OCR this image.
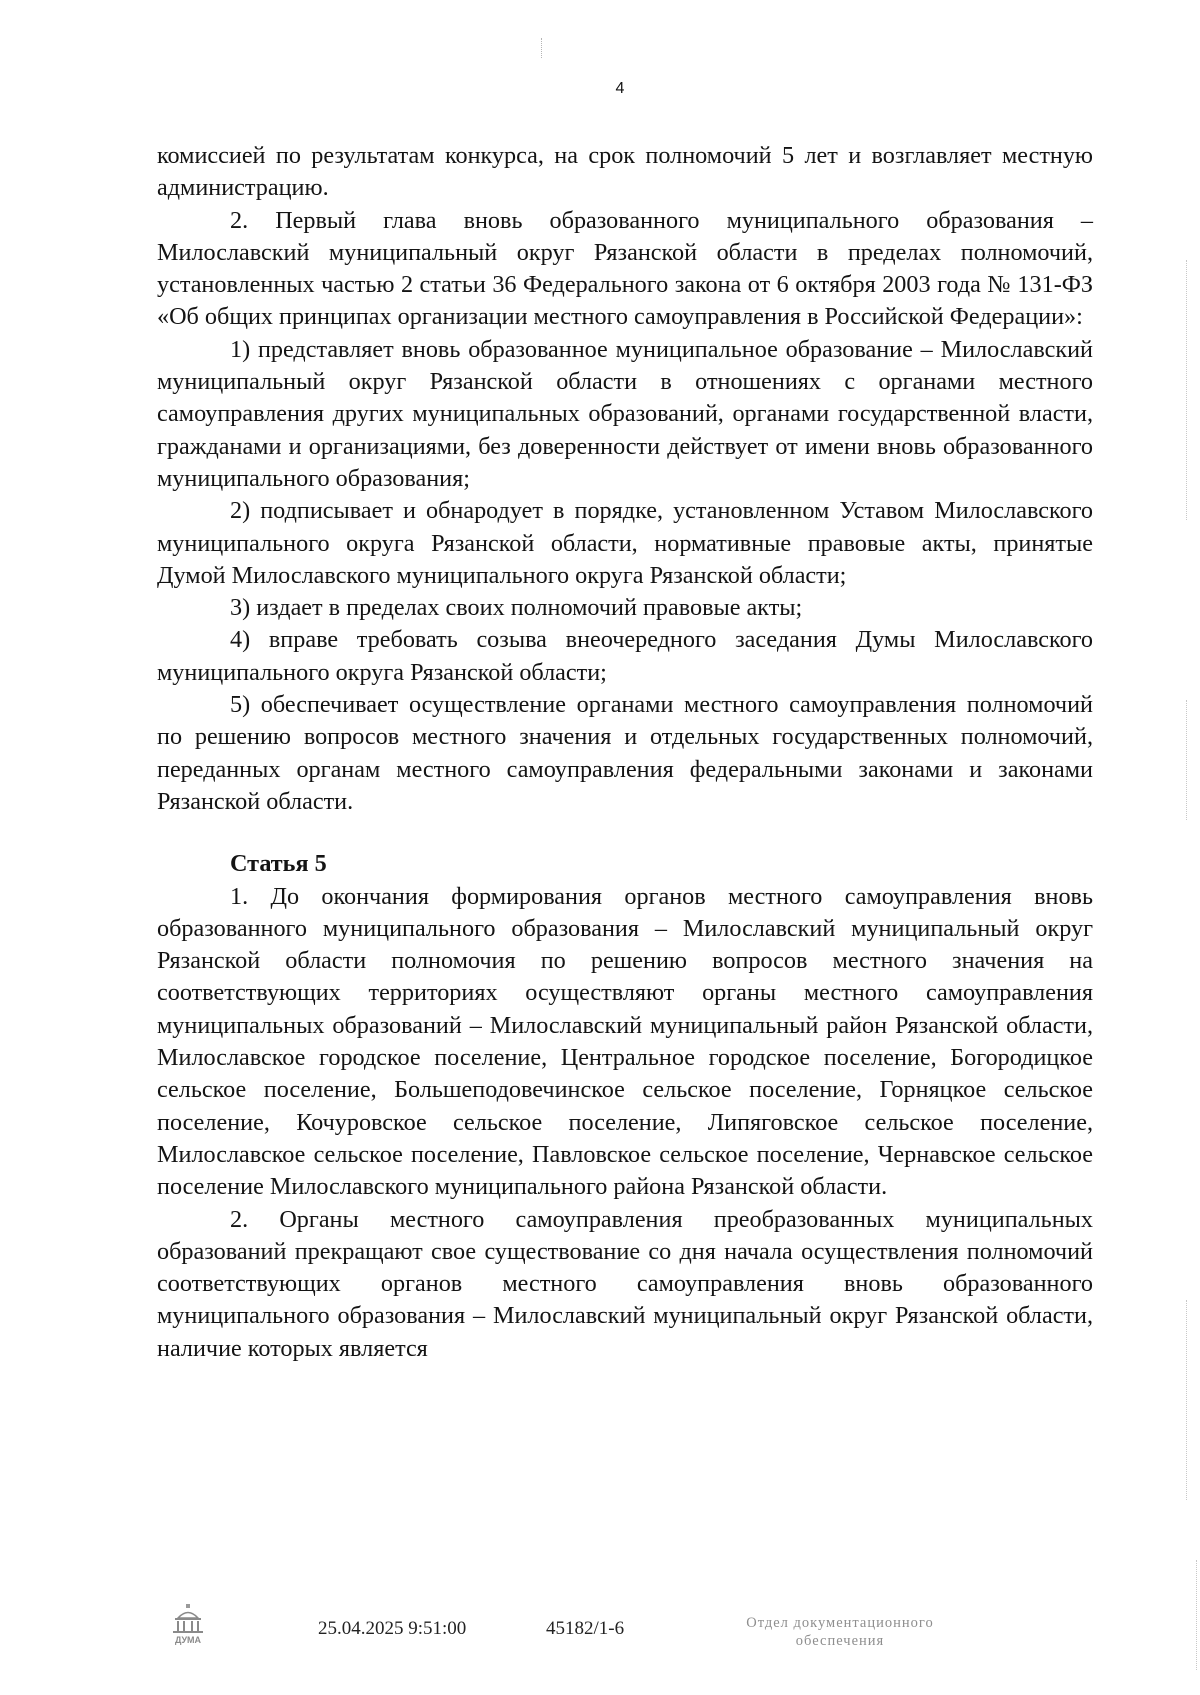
4

комиссией по результатам конкурса, на срок полномочий 5 лет и возглавляет местную администрацию.

2. Первый глава вновь образованного муниципального образования – Милославский муниципальный округ Рязанской области в пределах полномочий, установленных частью 2 статьи 36 Федерального закона от 6 октября 2003 года № 131-ФЗ «Об общих принципах организации местного самоуправления в Российской Федерации»:

1) представляет вновь образованное муниципальное образование – Милославский муниципальный округ Рязанской области в отношениях с органами местного самоуправления других муниципальных образований, органами государственной власти, гражданами и организациями, без доверенности действует от имени вновь образованного муниципального образования;

2) подписывает и обнародует в порядке, установленном Уставом Милославского муниципального округа Рязанской области, нормативные правовые акты, принятые Думой Милославского муниципального округа Рязанской области;

3) издает в пределах своих полномочий правовые акты;

4) вправе требовать созыва внеочередного заседания Думы Милославского муниципального округа Рязанской области;

5) обеспечивает осуществление органами местного самоуправления полномочий по решению вопросов местного значения и отдельных государственных полномочий, переданных органам местного самоуправления федеральными законами и законами Рязанской области.

Статья 5

1. До окончания формирования органов местного самоуправления вновь образованного муниципального образования – Милославский муниципальный округ Рязанской области полномочия по решению вопросов местного значения на соответствующих территориях осуществляют органы местного самоуправления муниципальных образований – Милославский муниципальный район Рязанской области, Милославское городское поселение, Центральное городское поселение, Богородицкое сельское поселение, Большеподовечинское сельское поселение, Горняцкое сельское поселение, Кочуровское сельское поселение, Липяговское сельское поселение, Милославское сельское поселение, Павловское сельское поселение, Чернавское сельское поселение Милославского муниципального района Рязанской области.

2. Органы местного самоуправления преобразованных муниципальных образований прекращают свое существование со дня начала осуществления полномочий соответствующих органов местного самоуправления вновь образованного муниципального образования – Милославский муниципальный округ Рязанской области, наличие которых является

ДУМА
25.04.2025 9:51:00	45182/1-6	Отдел документационного
обеспечения
